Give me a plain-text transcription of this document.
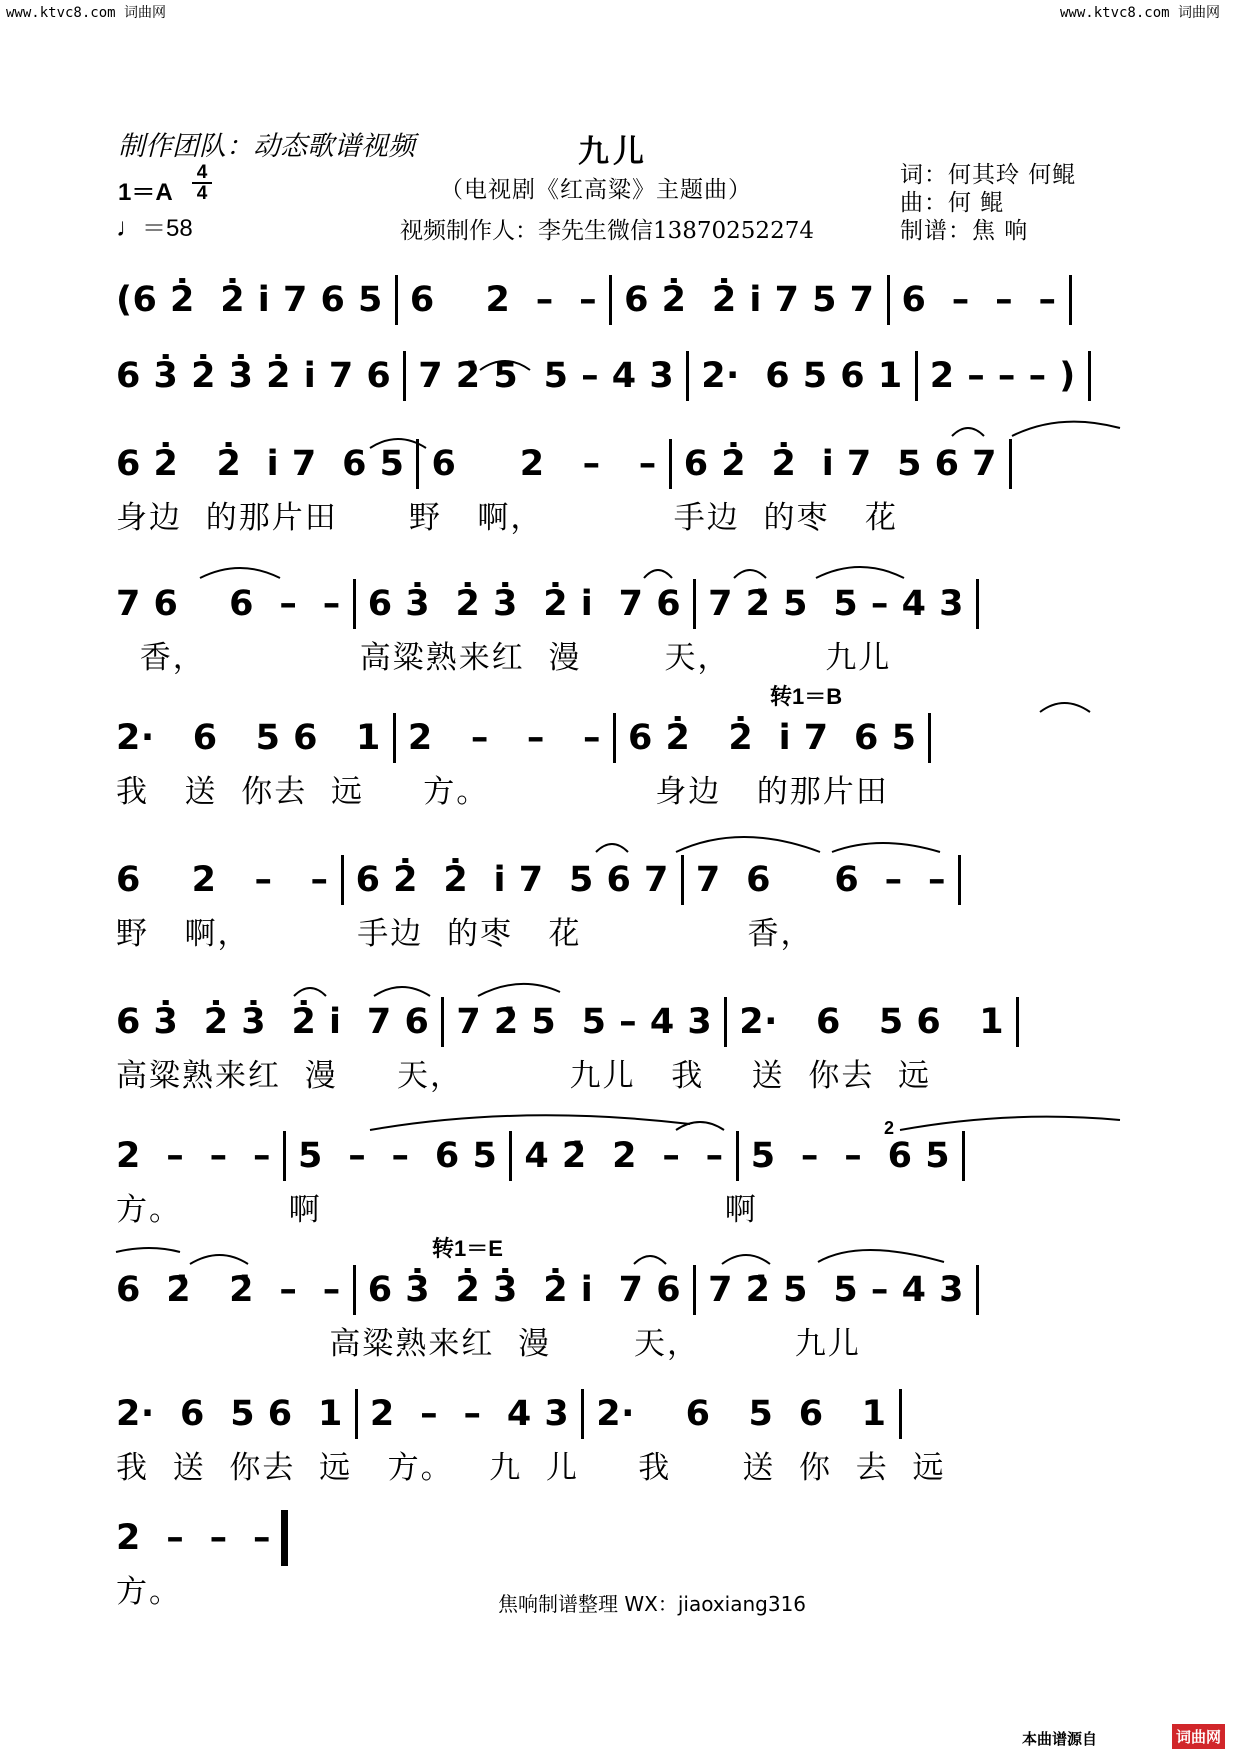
www.ktvc8.com 词曲网	www.ktvc8.com 词曲网
制作团队：动态歌谱视频	九儿
（电视剧《红高粱》主题曲）
视频制作人：李先生微信13870252274
词：何其玲 何鲲
曲：何 鲲
制谱：焦 响
1＝A
4
4
♩＝58
转1＝B
转1＝E
2
(6 2̇  2̇ i̇ 7 6 5 6    2  –  – 6 2̇  2̇ i̇ 7 5 7 6  –  –  –
6 3̇ 2̇ 3̇ 2̇ i̇ 7 6 7 2̇ 5  5 – 4 3 2·  6 5 6 1 2 – – – )
6 2̇   2̇  i̇ 7  6 5 6     2   –   – 6 2̇  2̇  i̇ 7  5 6 7
身边  的那片田      野   啊，           手边  的枣   花
7 6    6  –  – 6 3̇  2̇ 3̇  2̇ i̇  7 6 7 2̇ 5  5 – 4 3
香，             高粱熟来红  漫       天，        九儿
2·   6   5 6   1 2   –   –   – 6 2̇   2̇  i̇ 7  6 5
我   送  你去  远     方。              身边   的那片田
6    2   –   – 6 2̇  2̇  i̇ 7  5 6 7 7  6     6  –  –
野   啊，         手边  的枣   花              香，
6 3̇  2̇ 3̇  2̇ i̇  7 6 7 2̇ 5  5 – 4 3 2·   6   5 6   1
高粱熟来红  漫     天，         九儿   我    送  你去  远
2  –  –  – 5  –  –  6 5 4 2̇  2  –  – 5  –  –  6 5
方。         啊                                  啊
6  2̇   2̇  –  – 6 3̇  2̇ 3̇  2̇ i̇  7 6 7 2̇ 5  5 – 4 3
高粱熟来红  漫       天，        九儿
2·  6  5 6  1 2  –  –  4 3 2·    6   5  6   1
我  送  你去  远   方。   九  儿     我      送  你  去  远
2  –  –  –
方。	焦响制谱整理 WX：jiaoxiang316
本曲谱源自	词曲网
